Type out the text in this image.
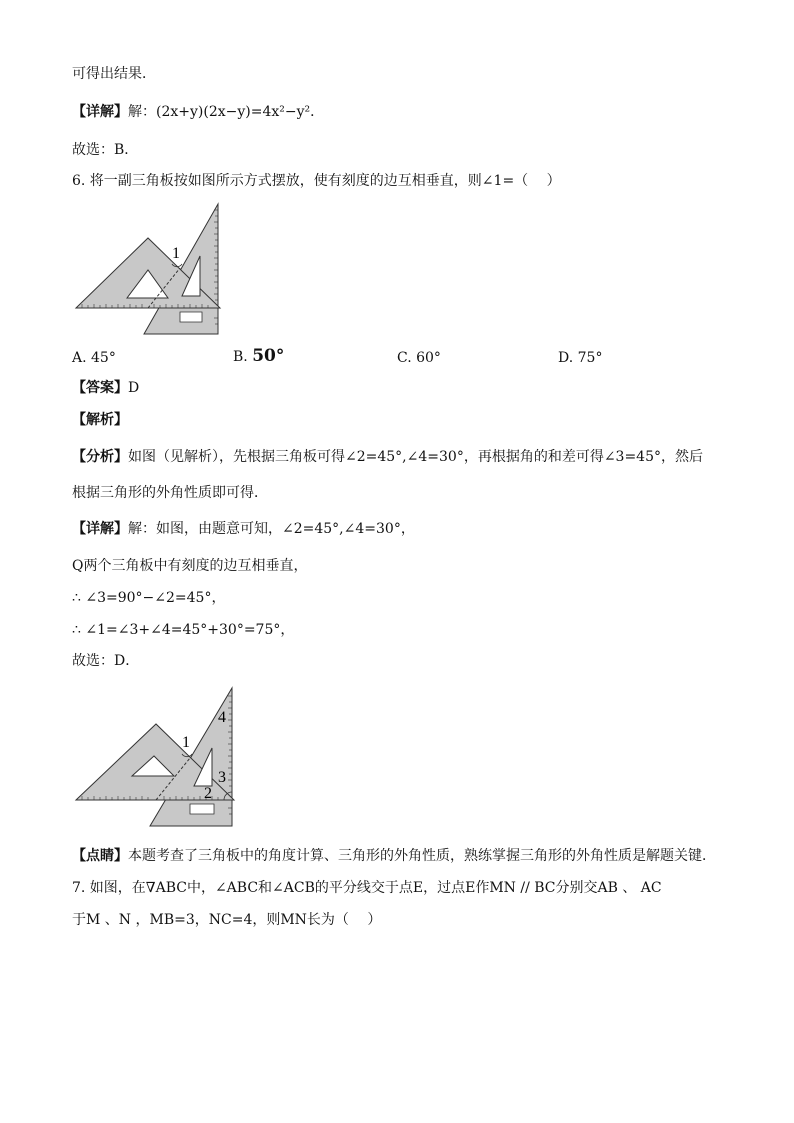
可得出结果．
【详解】解：(2x+y)(2x−y)=4x²−y²．
故选：B．
6. 将一副三角板按如图所示方式摆放，使有刻度的边互相垂直，则∠1=（　 ）
1
A. 45°	B. 50°	C. 60°	D. 75°
【答案】D
【解析】
【分析】如图（见解析），先根据三角板可得∠2=45°,∠4=30°，再根据角的和差可得∠3=45°，然后
根据三角形的外角性质即可得．
【详解】解：如图，由题意可知，∠2=45°,∠4=30°，
Q两个三角板中有刻度的边互相垂直，
∴ ∠3=90°−∠2=45°，
∴ ∠1=∠3+∠4=45°+30°=75°，
故选：D．
1
2
3
4
【点睛】本题考查了三角板中的角度计算、三角形的外角性质，熟练掌握三角形的外角性质是解题关键．
7. 如图，在∇ABC中，∠ABC和∠ACB的平分线交于点E，过点E作MN // BC分别交AB 、 AC
于M 、N ，MB=3，NC=4，则MN长为（　 ）
